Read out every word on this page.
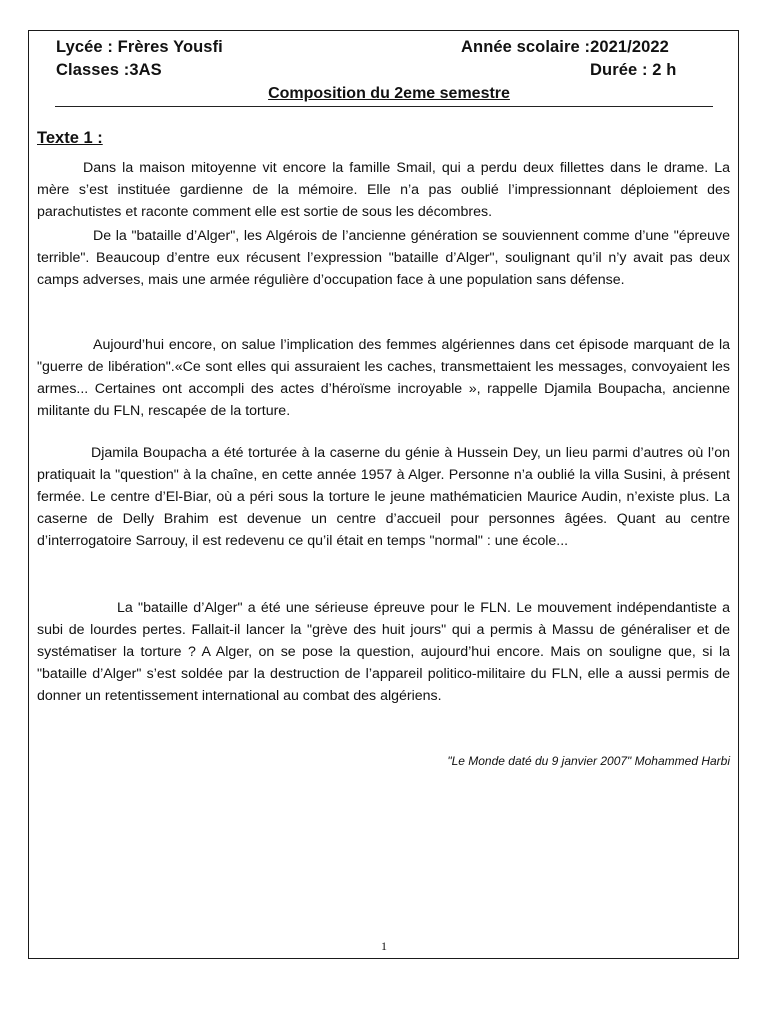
Lycée : Frères Yousfi	Année scolaire :2021/2022
Classes :3AS	Durée : 2 h
Composition du 2eme semestre
Texte 1 :

Dans la maison mitoyenne vit encore la famille Smail, qui a perdu deux fillettes dans le drame. La mère s’est instituée gardienne de la mémoire. Elle n’a pas oublié l’impressionnant déploiement des parachutistes et raconte comment elle est sortie de sous les décombres.

De la "bataille d’Alger", les Algérois de l’ancienne génération se souviennent comme d’une "épreuve terrible". Beaucoup d’entre eux récusent l’expression "bataille d’Alger", soulignant qu’il n’y avait pas deux camps adverses, mais une armée régulière d’occupation face à une population sans défense.

Aujourd’hui encore, on salue l’implication des femmes algériennes dans cet épisode marquant de la "guerre de libération".«Ce sont elles qui assuraient les caches, transmettaient les messages, convoyaient les armes... Certaines ont accompli des actes d’héroïsme incroyable », rappelle Djamila Boupacha, ancienne militante du FLN, rescapée de la torture.

Djamila Boupacha a été torturée à la caserne du génie à Hussein Dey, un lieu parmi d’autres où l’on pratiquait la "question" à la chaîne, en cette année 1957 à Alger. Personne n’a oublié la villa Susini, à présent fermée. Le centre d’El-Biar, où a péri sous la torture le jeune mathématicien Maurice Audin, n’existe plus. La caserne de Delly Brahim est devenue un centre d’accueil pour personnes âgées. Quant au centre d’interrogatoire Sarrouy, il est redevenu ce qu’il était en temps "normal" : une école...

La "bataille d’Alger" a été une sérieuse épreuve pour le FLN. Le mouvement indépendantiste a subi de lourdes pertes. Fallait-il lancer la "grève des huit jours" qui a permis à Massu de généraliser et de systématiser la torture ? A Alger, on se pose la question, aujourd’hui encore. Mais on souligne que, si la "bataille d’Alger" s’est soldée par la destruction de l’appareil politico-militaire du FLN, elle a aussi permis de donner un retentissement international au combat des algériens.

"Le Monde daté du 9 janvier 2007" Mohammed Harbi
1
